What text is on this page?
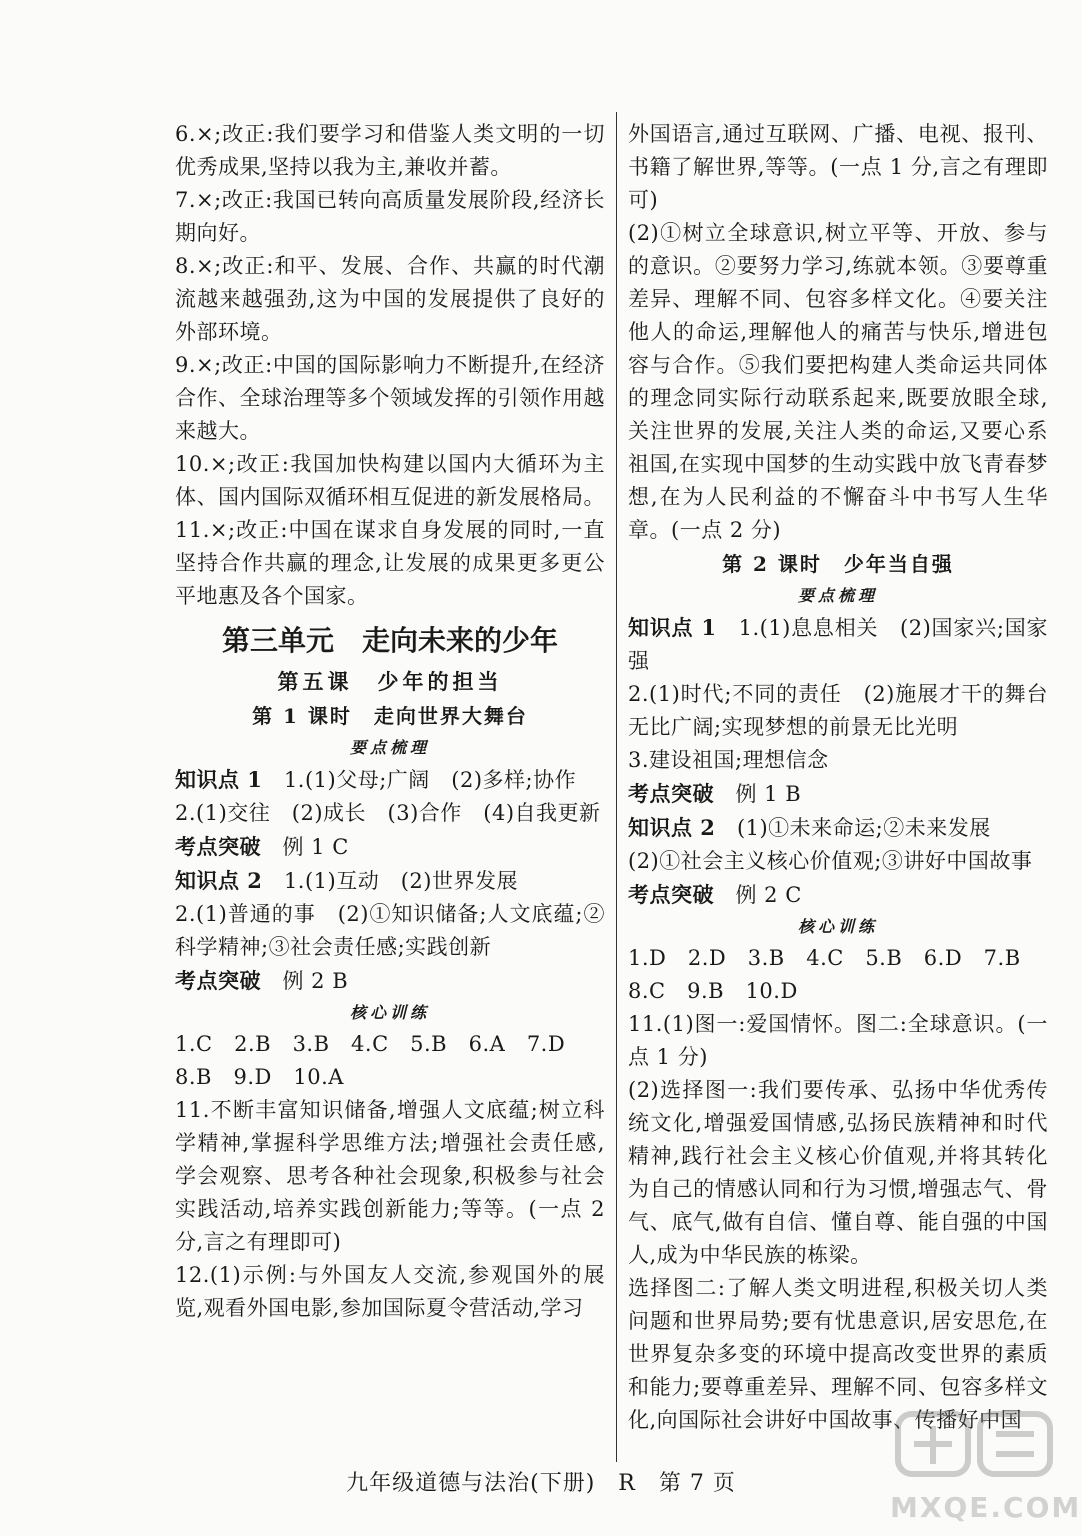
6.×;改正:我们要学习和借鉴人类文明的一切优秀成果,坚持以我为主,兼收并蓄。

7.×;改正:我国已转向高质量发展阶段,经济长期向好。

8.×;改正:和平、发展、合作、共赢的时代潮流越来越强劲,这为中国的发展提供了良好的外部环境。

9.×;改正:中国的国际影响力不断提升,在经济合作、全球治理等多个领域发挥的引领作用越来越大。

10.×;改正:我国加快构建以国内大循环为主体、国内国际双循环相互促进的新发展格局。

11.×;改正:中国在谋求自身发展的同时,一直坚持合作共赢的理念,让发展的成果更多更公平地惠及各个国家。

第三单元　走向未来的少年
第五课　少年的担当
第 1 课时　走向世界大舞台
要点梳理

知识点 1　 1.(1)父母;广阔　(2)多样;协作

2.(1)交往　(2)成长　(3)合作　(4)自我更新

考点突破　 例 1 C

知识点 2　 1.(1)互动　(2)世界发展

2.(1)普通的事　(2)①知识储备;人文底蕴;②科学精神;③社会责任感;实践创新

考点突破　 例 2 B

核心训练

1.C　2.B　3.B　4.C　5.B　6.A　7.D

8.B　9.D　10.A

11.不断丰富知识储备,增强人文底蕴;树立科学精神,掌握科学思维方法;增强社会责任感,学会观察、思考各种社会现象,积极参与社会实践活动,培养实践创新能力;等等。(一点 2 分,言之有理即可)

12.(1)示例:与外国友人交流,参观国外的展览,观看外国电影,参加国际夏令营活动,学习

外国语言,通过互联网、广播、电视、报刊、书籍了解世界,等等。(一点 1 分,言之有理即可)

(2)①树立全球意识,树立平等、开放、参与的意识。②要努力学习,练就本领。③要尊重差异、理解不同、包容多样文化。④要关注他人的命运,理解他人的痛苦与快乐,增进包容与合作。⑤我们要把构建人类命运共同体的理念同实际行动联系起来,既要放眼全球,关注世界的发展,关注人类的命运,又要心系祖国,在实现中国梦的生动实践中放飞青春梦想,在为人民利益的不懈奋斗中书写人生华章。(一点 2 分)

第 2 课时　少年当自强
要点梳理

知识点 1　 1.(1)息息相关　(2)国家兴;国家强

2.(1)时代;不同的责任　(2)施展才干的舞台无比广阔;实现梦想的前景无比光明

3.建设祖国;理想信念

考点突破　 例 1 B

知识点 2　 (1)①未来命运;②未来发展

(2)①社会主义核心价值观;③讲好中国故事

考点突破　 例 2 C

核心训练

1.D　2.D　3.B　4.C　5.B　6.D　7.B

8.C　9.B　10.D

11.(1)图一:爱国情怀。图二:全球意识。(一点 1 分)

(2)选择图一:我们要传承、弘扬中华优秀传统文化,增强爱国情感,弘扬民族精神和时代精神,践行社会主义核心价值观,并将其转化为自己的情感认同和行为习惯,增强志气、骨气、底气,做有自信、懂自尊、能自强的中国人,成为中华民族的栋梁。

选择图二:了解人类文明进程,积极关切人类问题和世界局势;要有忧患意识,居安思危,在世界复杂多变的环境中提高改变世界的素质和能力;要尊重差异、理解不同、包容多样文化,向国际社会讲好中国故事、传播好中国

九年级道德与法治(下册)　R　第 7 页
MXQE.COM
